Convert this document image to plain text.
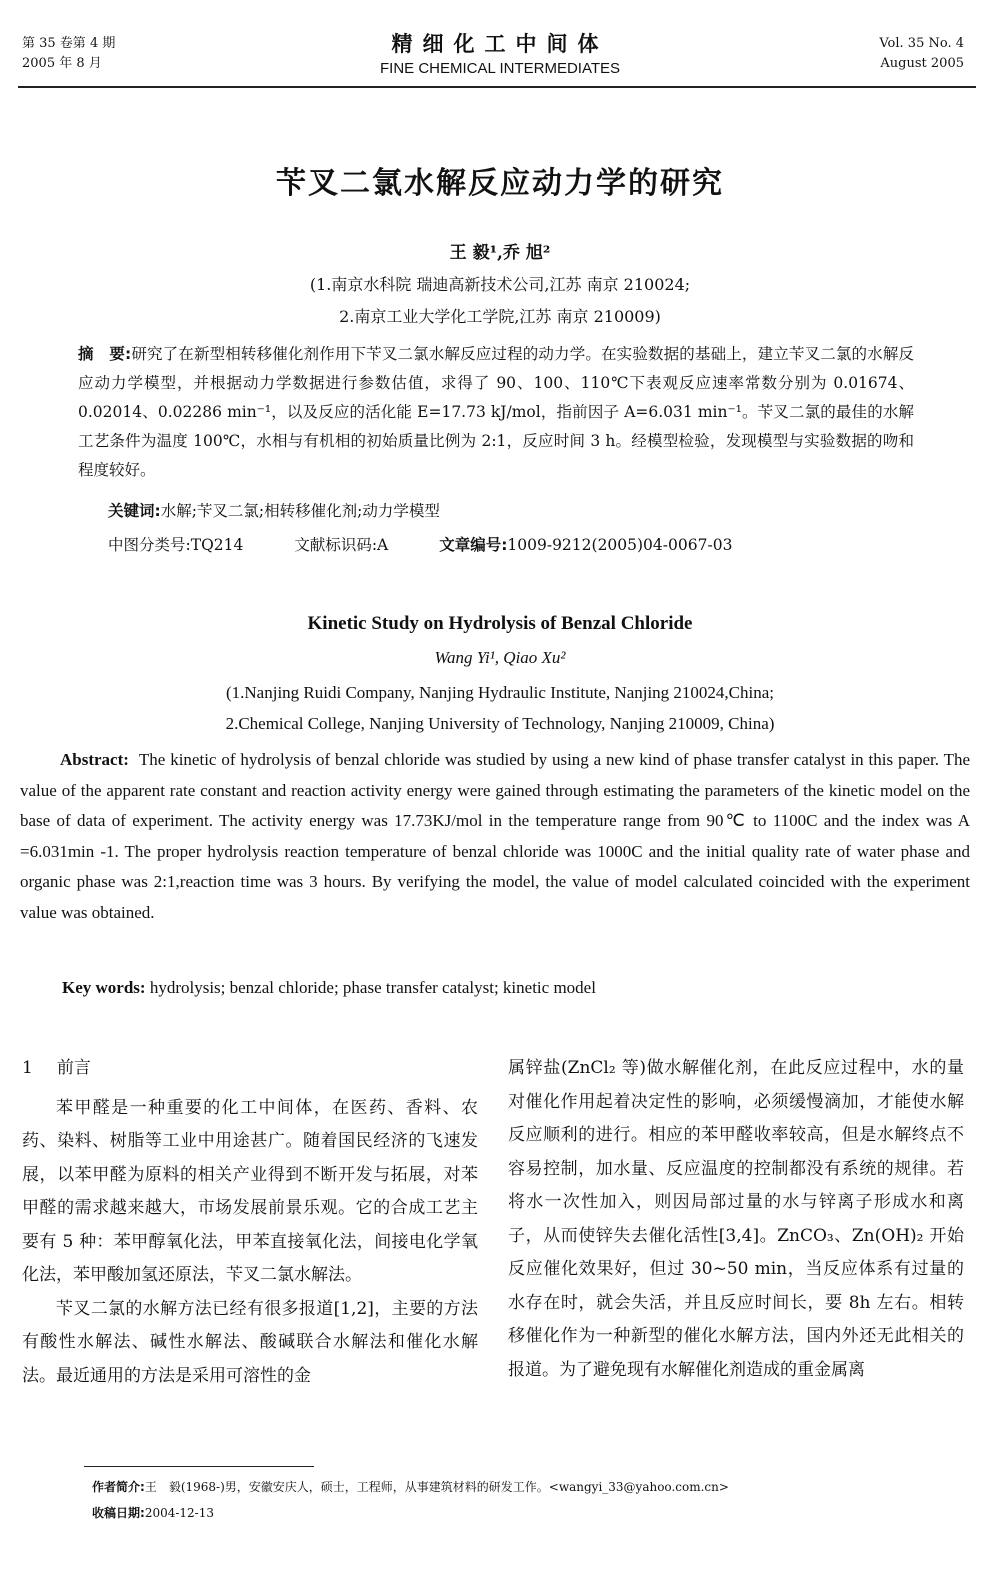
第 35 卷第 4 期
2005 年 8 月
精细化工中间体
FINE CHEMICAL INTERMEDIATES
Vol. 35 No. 4
August 2005
苄叉二氯水解反应动力学的研究
王 毅¹,乔 旭²
(1.南京水科院 瑞迪高新技术公司,江苏 南京 210024;
2.南京工业大学化工学院,江苏 南京 210009)
摘　要:研究了在新型相转移催化剂作用下苄叉二氯水解反应过程的动力学。在实验数据的基础上，建立苄叉二氯的水解反应动力学模型，并根据动力学数据进行参数估值，求得了 90、100、110℃下表观反应速率常数分别为 0.01674、0.02014、0.02286 min⁻¹，以及反应的活化能 E=17.73 kJ/mol，指前因子 A=6.031 min⁻¹。苄叉二氯的最佳的水解工艺条件为温度 100℃，水相与有机相的初始质量比例为 2:1，反应时间 3 h。经模型检验，发现模型与实验数据的吻和程度较好。
关键词:水解;苄叉二氯;相转移催化剂;动力学模型
中图分类号:TQ214	文献标识码:A	文章编号:1009-9212(2005)04-0067-03
Kinetic Study on Hydrolysis of Benzal Chloride
Wang Yi¹, Qiao Xu²
(1.Nanjing Ruidi Company, Nanjing Hydraulic Institute, Nanjing 210024,China;
2.Chemical College, Nanjing University of Technology, Nanjing 210009, China)
Abstract: The kinetic of hydrolysis of benzal chloride was studied by using a new kind of phase transfer catalyst in this paper. The value of the apparent rate constant and reaction activity energy were gained through estimating the parameters of the kinetic model on the base of data of experiment. The activity energy was 17.73KJ/mol in the temperature range from 90℃ to 1100C and the index was A =6.031min -1. The proper hydrolysis reaction temperature of benzal chloride was 1000C and the initial quality rate of water phase and organic phase was 2:1,reaction time was 3 hours. By verifying the model, the value of model calculated coincided with the experiment value was obtained.
Key words: hydrolysis; benzal chloride; phase transfer catalyst; kinetic model
1 前言

苯甲醛是一种重要的化工中间体，在医药、香料、农药、染料、树脂等工业中用途甚广。随着国民经济的飞速发展，以苯甲醛为原料的相关产业得到不断开发与拓展，对苯甲醛的需求越来越大，市场发展前景乐观。它的合成工艺主要有 5 种：苯甲醇氧化法，甲苯直接氧化法，间接电化学氧化法，苯甲酸加氢还原法，苄叉二氯水解法。

苄叉二氯的水解方法已经有很多报道[1,2]，主要的方法有酸性水解法、碱性水解法、酸碱联合水解法和催化水解法。最近通用的方法是采用可溶性的金

属锌盐(ZnCl₂ 等)做水解催化剂，在此反应过程中，水的量对催化作用起着决定性的影响，必须缓慢滴加，才能使水解反应顺利的进行。相应的苯甲醛收率较高，但是水解终点不容易控制，加水量、反应温度的控制都没有系统的规律。若将水一次性加入，则因局部过量的水与锌离子形成水和离子，从而使锌失去催化活性[3,4]。ZnCO₃、Zn(OH)₂ 开始反应催化效果好，但过 30~50 min，当反应体系有过量的水存在时，就会失活，并且反应时间长，要 8h 左右。相转移催化作为一种新型的催化水解方法，国内外还无此相关的报道。为了避免现有水解催化剂造成的重金属离

作者简介:王　毅(1968-)男，安徽安庆人，硕士，工程师，从事建筑材料的研发工作。<wangyi_33@yahoo.com.cn>
收稿日期:2004-12-13
